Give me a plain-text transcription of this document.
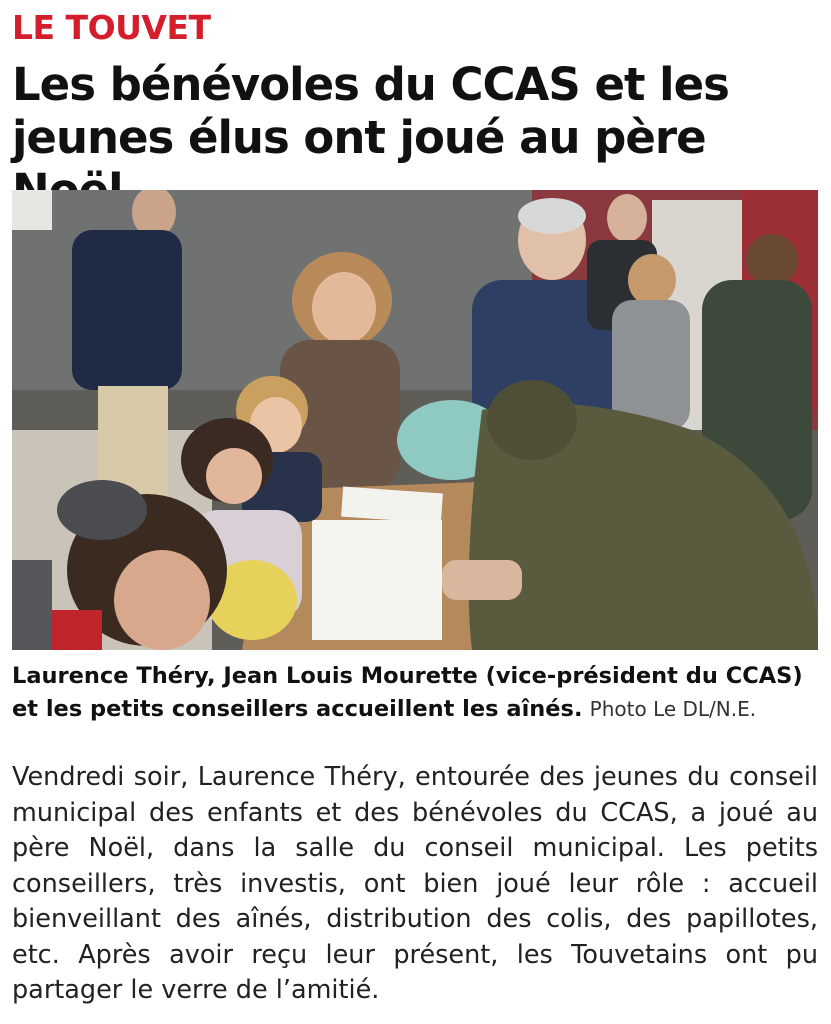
LE TOUVET
Les bénévoles du CCAS et les jeunes élus ont joué au père
Laurence Théry, Jean Louis Mourette (vice-président du CCAS) et les petits conseillers accueillent les aînés. Photo Le DL/N.E.
Vendredi soir, Laurence Théry, entourée des jeunes du conseil municipal des enfants et des bénévoles du CCAS, a joué au père Noël, dans la salle du conseil municipal. Les petits conseillers, très investis, ont bien joué leur rôle : accueil bienveillant des aînés, distribution des colis, des papillotes, etc. Après avoir reçu leur présent, les Touvetains ont pu partager le verre de l’amitié.
